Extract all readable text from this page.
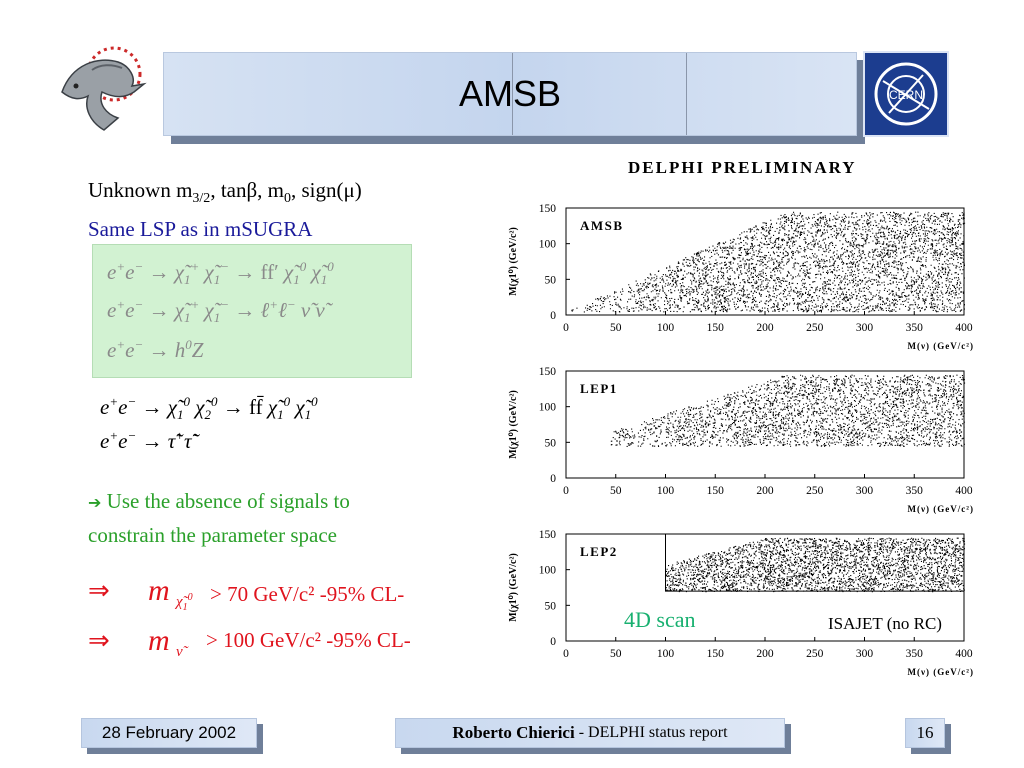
AMSB	CERN
Unknown $m_{3/2}$, tanβ, $m_0$, sign(μ)
Same LSP as in mSUGRA
$e^+e^- \to \chĩ_1^+$ $\chĩ_1^- \to ff'$ $\chĩ_1^0$ $\chĩ_1^0$
$e^+e^- \to \chĩ_1^+$ $\chĩ_1^-$ → ℓ+ℓ− ν̃ ν̃
$e^+e^- \to h^0Z$
$e^+e^- \to \chĩ_1^0$ $\chĩ_2^0$ → ff̄ $\chĩ_1^0$ $\chĩ_1^0$
e+e− → τ̃+τ̃−
➔ Use the absence of signals to
constrain the parameter space
⇒ m $\chĩ_1^0 > 70$ GeV/c² -95% CL-
⇒ m ν̃ > 100 GeV/c² -95% CL-
DELPHI PRELIMINARY
0	50	100	150	200	250	300	350	400
0
50
100
150
AMSB
M(ν) (GeV/c²)
M(χ1⁰) (GeV/c²)
0	50	100	150	200	250	300	350	400
0
50
100
150
LEP1
M(ν) (GeV/c²)
M(χ1⁰) (GeV/c²)
0	50	100	150	200	250	300	350	400
0
50
100
150
LEP2
M(ν) (GeV/c²)
M(χ1⁰) (GeV/c²)	4D scan	ISAJET (no RC)
28 February 2002	Roberto Chierici - DELPHI status report	16
